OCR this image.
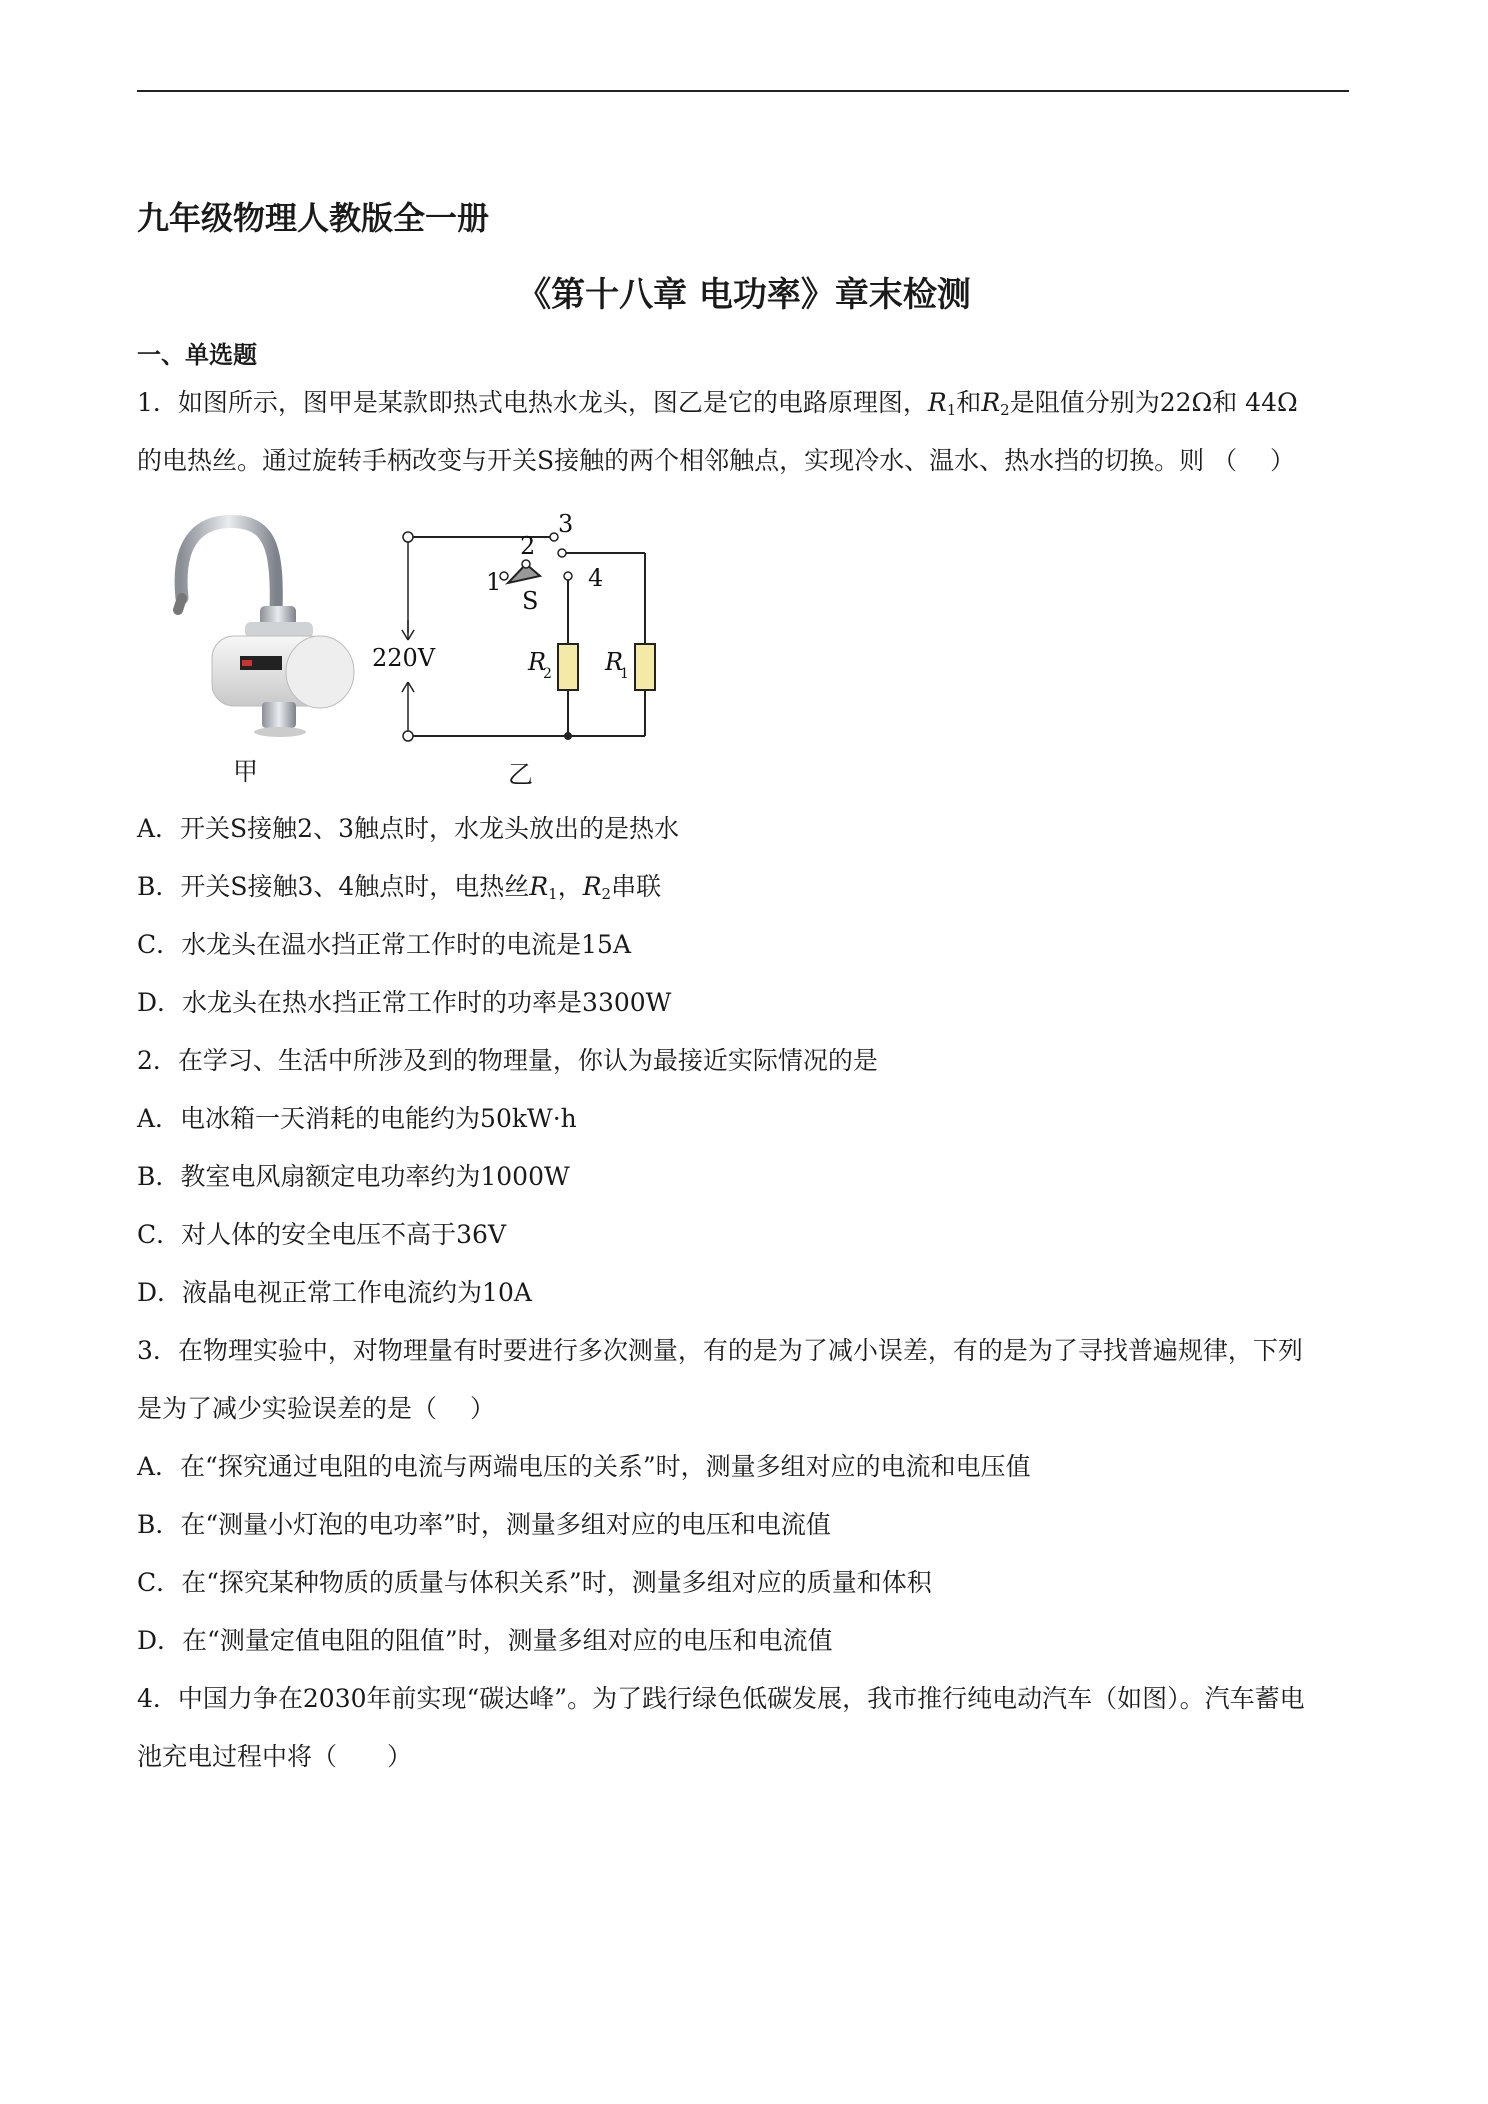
九年级物理人教版全一册
《第十八章 电功率》章末检测
一、单选题
1．如图所示，图甲是某款即热式电热水龙头，图乙是它的电路原理图，$R_1$和$R_2$是阻值分别为22Ω和 44Ω
的电热丝。通过旋转手柄改变与开关S接触的两个相邻触点，实现冷水、温水、热水挡的切换。则 （　 ）
220V
3
2
1	4
S
R
2 R
1
甲	乙
A．开关S接触2、3触点时，水龙头放出的是热水
B．开关S接触3、4触点时，电热丝$R_1$，$R_2$串联
C．水龙头在温水挡正常工作时的电流是15A
D．水龙头在热水挡正常工作时的功率是3300W
2．在学习、生活中所涉及到的物理量，你认为最接近实际情况的是
A．电冰箱一天消耗的电能约为50kW·h
B．教室电风扇额定电功率约为1000W
C．对人体的安全电压不高于36V
D．液晶电视正常工作电流约为10A
3．在物理实验中，对物理量有时要进行多次测量，有的是为了减小误差，有的是为了寻找普遍规律，下列
是为了减少实验误差的是（　 ）
A．在“探究通过电阻的电流与两端电压的关系”时，测量多组对应的电流和电压值
B．在“测量小灯泡的电功率”时，测量多组对应的电压和电流值
C．在“探究某种物质的质量与体积关系”时，测量多组对应的质量和体积
D．在“测量定值电阻的阻值”时，测量多组对应的电压和电流值
4．中国力争在2030年前实现“碳达峰”。为了践行绿色低碳发展，我市推行纯电动汽车（如图）。汽车蓄电
池充电过程中将（　　）
